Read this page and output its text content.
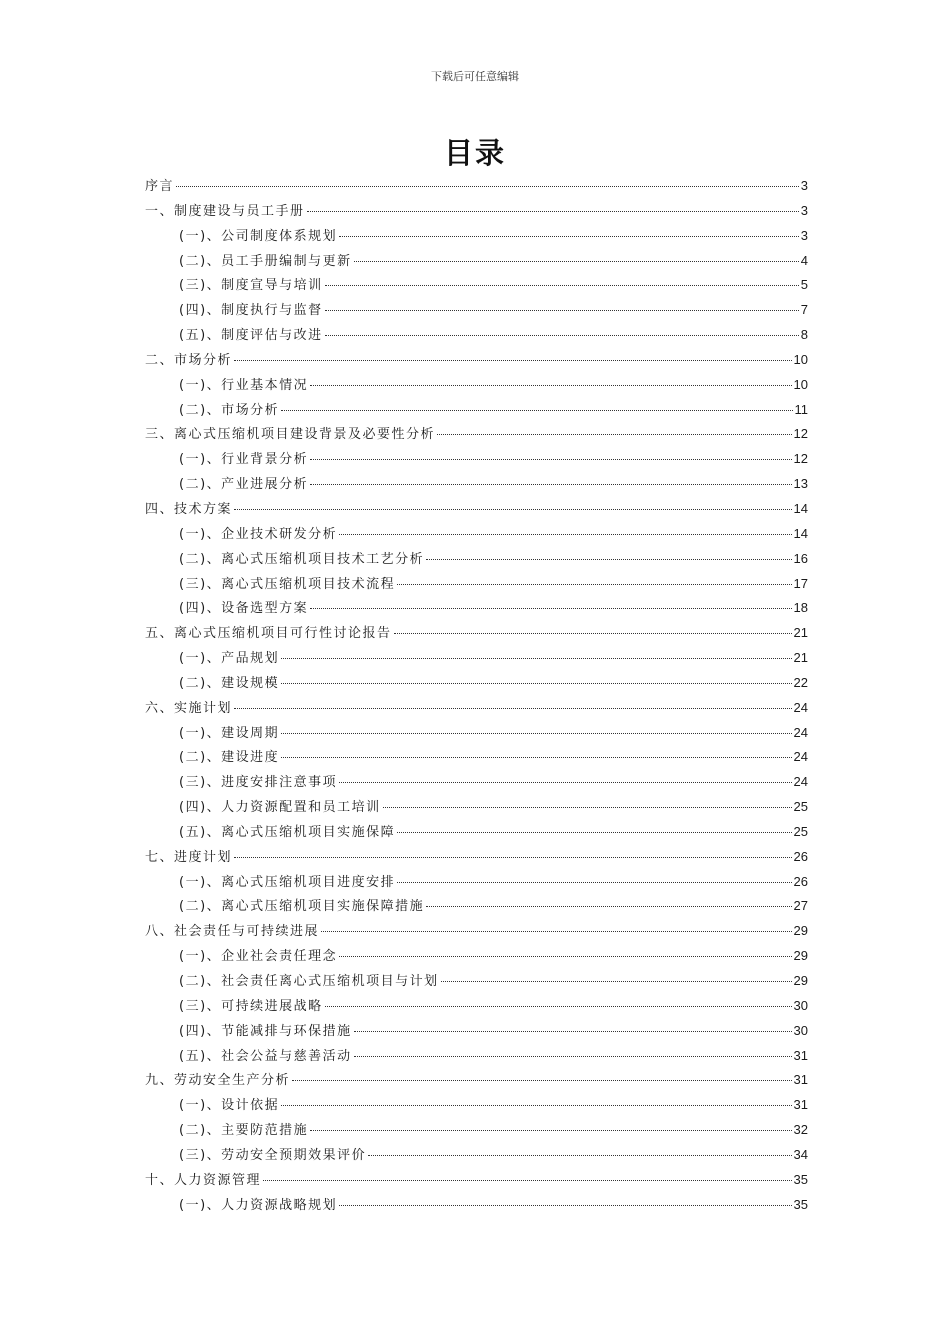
下载后可任意编辑
目录
序言	3
一、制度建设与员工手册	3
(一)、公司制度体系规划	3
(二)、员工手册编制与更新	4
(三)、制度宣导与培训	5
(四)、制度执行与监督	7
(五)、制度评估与改进	8
二、市场分析	10
(一)、行业基本情况	10
(二)、市场分析	11
三、离心式压缩机项目建设背景及必要性分析	12
(一)、行业背景分析	12
(二)、产业进展分析	13
四、技术方案	14
(一)、企业技术研发分析	14
(二)、离心式压缩机项目技术工艺分析	16
(三)、离心式压缩机项目技术流程	17
(四)、设备选型方案	18
五、离心式压缩机项目可行性讨论报告	21
(一)、产品规划	21
(二)、建设规模	22
六、实施计划	24
(一)、建设周期	24
(二)、建设进度	24
(三)、进度安排注意事项	24
(四)、人力资源配置和员工培训	25
(五)、离心式压缩机项目实施保障	25
七、进度计划	26
(一)、离心式压缩机项目进度安排	26
(二)、离心式压缩机项目实施保障措施	27
八、社会责任与可持续进展	29
(一)、企业社会责任理念	29
(二)、社会责任离心式压缩机项目与计划	29
(三)、可持续进展战略	30
(四)、节能减排与环保措施	30
(五)、社会公益与慈善活动	31
九、劳动安全生产分析	31
(一)、设计依据	31
(二)、主要防范措施	32
(三)、劳动安全预期效果评价	34
十、人力资源管理	35
(一)、人力资源战略规划	35
